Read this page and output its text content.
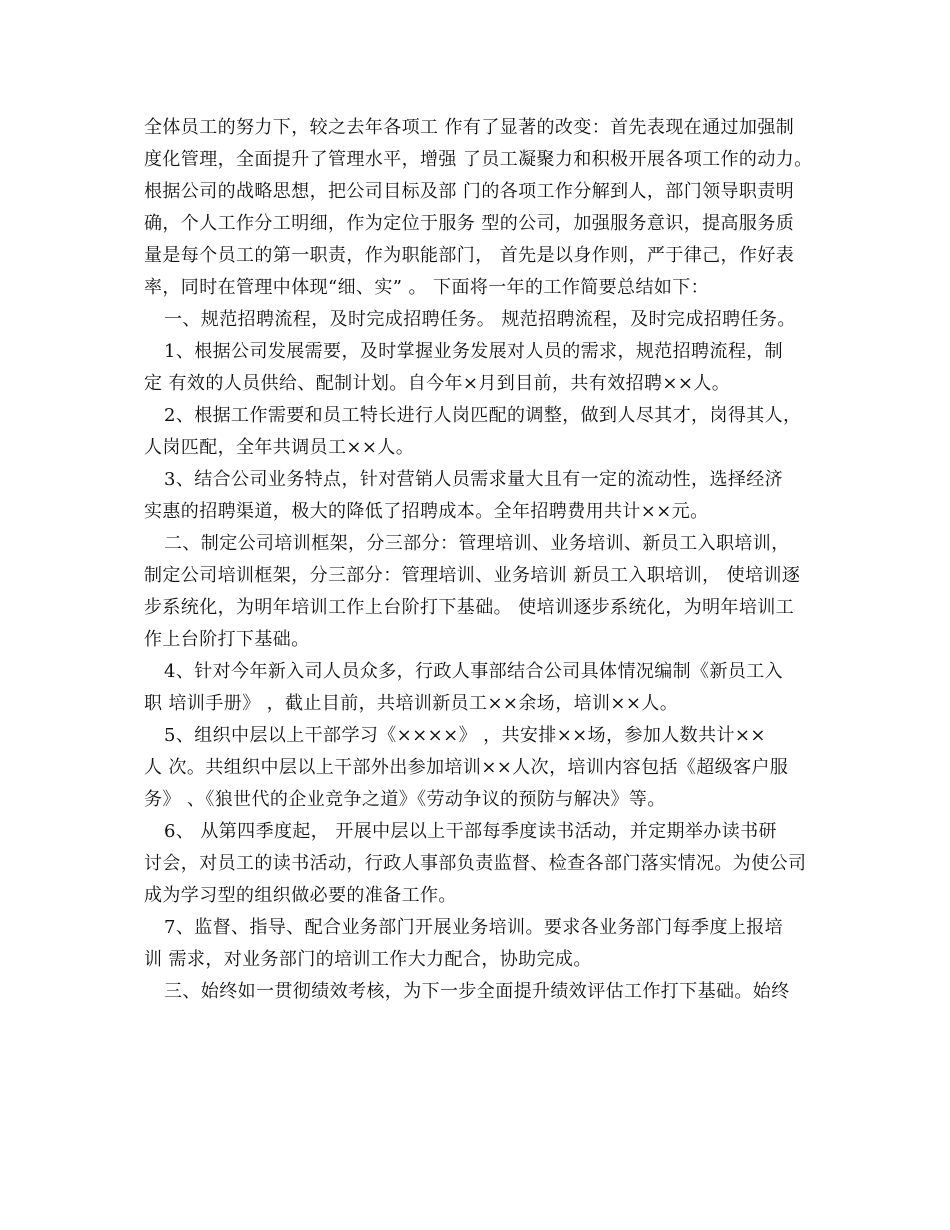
全体员工的努力下，较之去年各项工 作有了显著的改变：首先表现在通过加强制
度化管理，全面提升了管理水平，增强 了员工凝聚力和积极开展各项工作的动力。
根据公司的战略思想，把公司目标及部 门的各项工作分解到人，部门领导职责明
确，个人工作分工明细，作为定位于服务 型的公司，加强服务意识，提高服务质
量是每个员工的第一职责，作为职能部门， 首先是以身作则，严于律己，作好表
率，同时在管理中体现“细、实” 。 下面将一年的工作简要总结如下：
一、规范招聘流程，及时完成招聘任务。 规范招聘流程，及时完成招聘任务。
1、根据公司发展需要，及时掌握业务发展对人员的需求，规范招聘流程，制
定 有效的人员供给、配制计划。自今年×月到目前，共有效招聘××人。
2、根据工作需要和员工特长进行人岗匹配的调整，做到人尽其才，岗得其人，
人岗匹配，全年共调员工××人。
3、结合公司业务特点，针对营销人员需求量大且有一定的流动性，选择经济
实惠的招聘渠道，极大的降低了招聘成本。全年招聘费用共计××元。
二、制定公司培训框架，分三部分：管理培训、业务培训、新员工入职培训，
制定公司培训框架，分三部分：管理培训、业务培训 新员工入职培训， 使培训逐
步系统化，为明年培训工作上台阶打下基础。 使培训逐步系统化，为明年培训工
作上台阶打下基础。
4、针对今年新入司人员众多，行政人事部结合公司具体情况编制《新员工入
职 培训手册》 ，截止目前，共培训新员工××余场，培训××人。
5、组织中层以上干部学习《××××》 ，共安排××场，参加人数共计××
人 次。共组织中层以上干部外出参加培训××人次，培训内容包括《超级客户服
务》 、《狼世代的企业竞争之道》《劳动争议的预防与解决》等。
6、 从第四季度起， 开展中层以上干部每季度读书活动，并定期举办读书研
讨会，对员工的读书活动，行政人事部负责监督、检查各部门落实情况。为使公司
成为学习型的组织做必要的准备工作。
7、监督、指导、配合业务部门开展业务培训。要求各业务部门每季度上报培
训 需求，对业务部门的培训工作大力配合，协助完成。
三、始终如一贯彻绩效考核，为下一步全面提升绩效评估工作打下基础。始终
